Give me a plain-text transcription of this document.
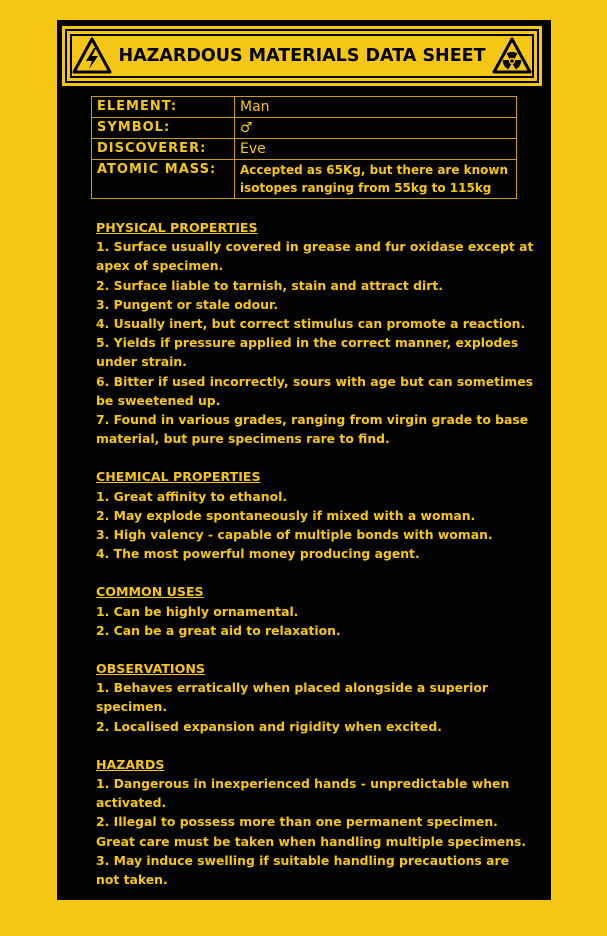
HAZARDOUS MATERIALS DATA SHEET
ELEMENT:	Man
SYMBOL:	♂
DISCOVERER:	Eve
ATOMIC MASS:	Accepted as 65Kg, but there are known isotopes ranging from 55kg to 115kg
PHYSICAL PROPERTIES
1. Surface usually covered in grease and fur oxidase except at apex of specimen.
2. Surface liable to tarnish, stain and attract dirt.
3. Pungent or stale odour.
4. Usually inert, but correct stimulus can promote a reaction.
5. Yields if pressure applied in the correct manner, explodes under strain.
6. Bitter if used incorrectly, sours with age but can sometimes be sweetened up.
7. Found in various grades, ranging from virgin grade to base material, but pure specimens rare to find.
CHEMICAL PROPERTIES
1. Great affinity to ethanol.
2. May explode spontaneously if mixed with a woman.
3. High valency - capable of multiple bonds with woman.
4. The most powerful money producing agent.
COMMON USES
1. Can be highly ornamental.
2. Can be a great aid to relaxation.
OBSERVATIONS
1. Behaves erratically when placed alongside a superior specimen.
2. Localised expansion and rigidity when excited.
HAZARDS
1. Dangerous in inexperienced hands - unpredictable when activated.
2. Illegal to possess more than one permanent specimen. Great care must be taken when handling multiple specimens.
3. May induce swelling if suitable handling precautions are not taken.
